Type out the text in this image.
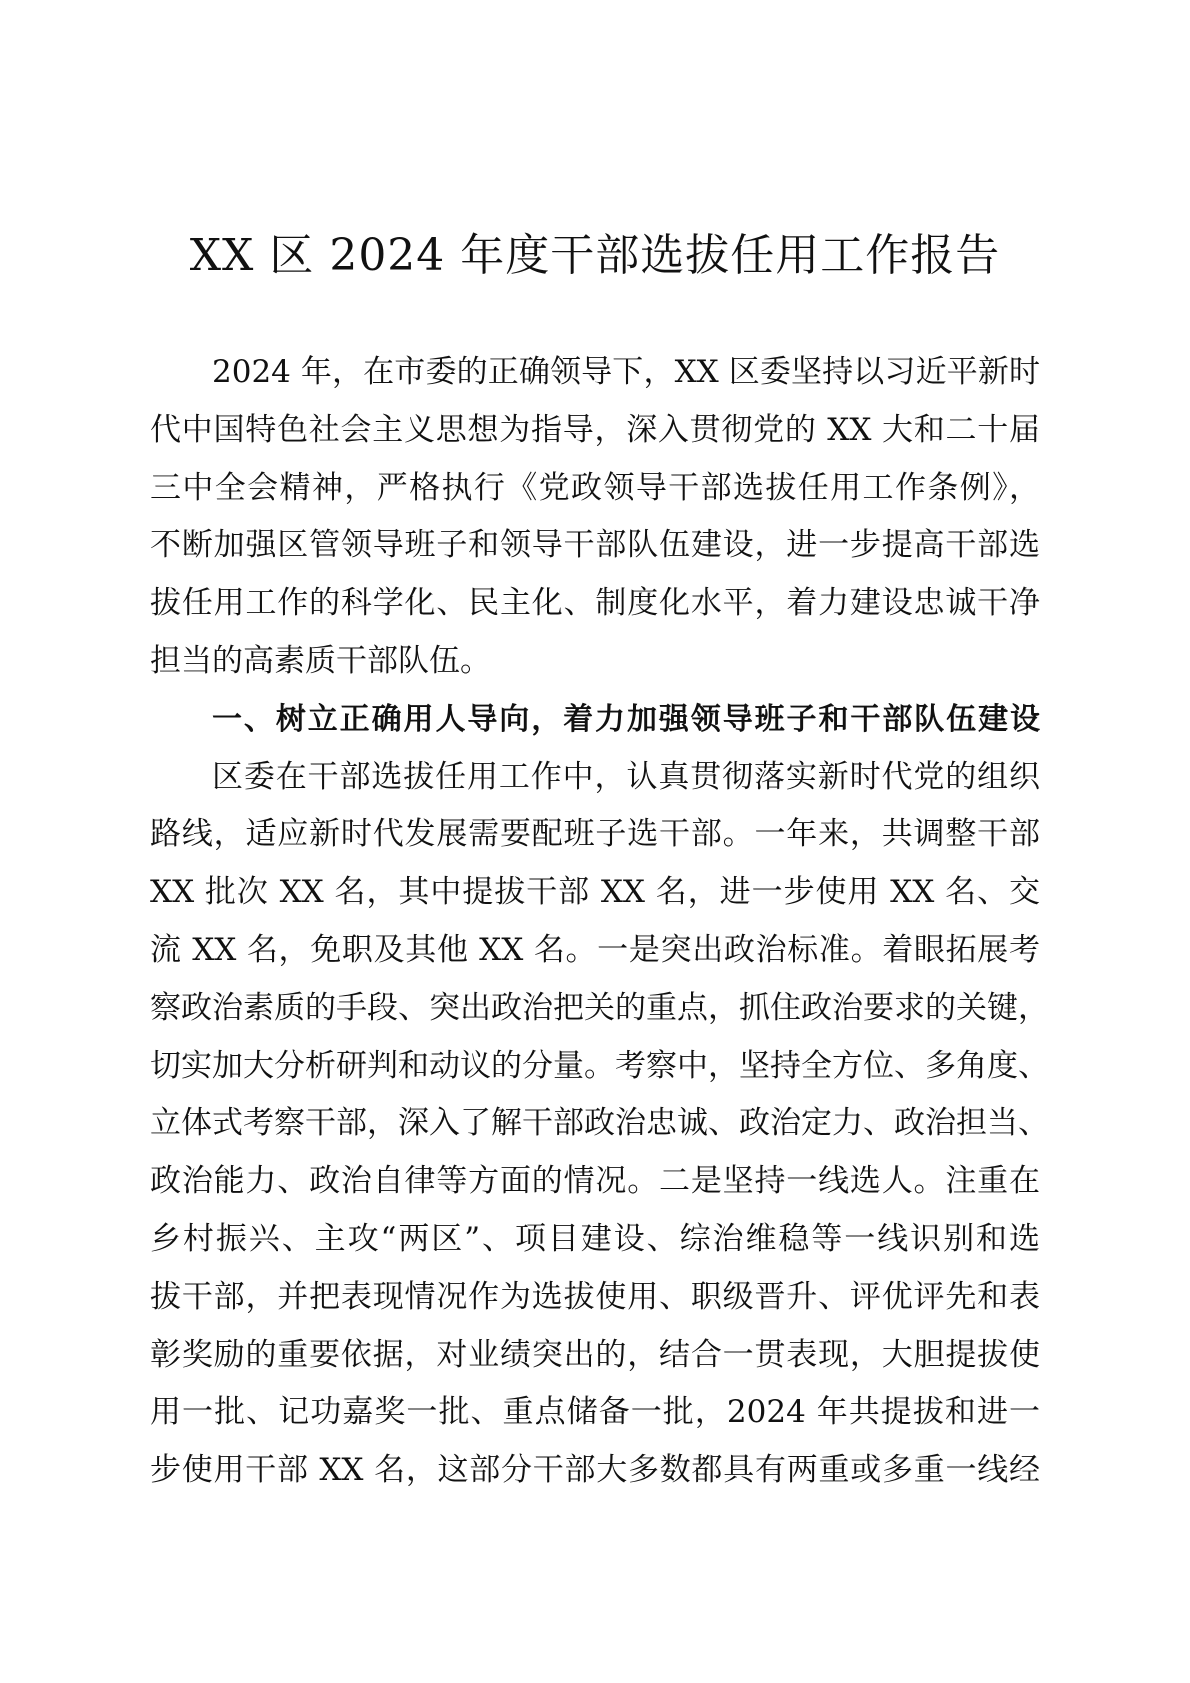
XX 区 2024 年度干部选拔任用工作报告
2024 年，在市委的正确领导下，XX 区委坚持以习近平新时
代中国特色社会主义思想为指导，深入贯彻党的 XX 大和二十届
三中全会精神，严格执行《党政领导干部选拔任用工作条例》，
不断加强区管领导班子和领导干部队伍建设，进一步提高干部选
拔任用工作的科学化、民主化、制度化水平，着力建设忠诚干净
担当的高素质干部队伍。
一、树立正确用人导向，着力加强领导班子和干部队伍建设
区委在干部选拔任用工作中，认真贯彻落实新时代党的组织
路线，适应新时代发展需要配班子选干部。一年来，共调整干部
XX 批次 XX 名，其中提拔干部 XX 名，进一步使用 XX 名、交
流 XX 名，免职及其他 XX 名。一是突出政治标准。着眼拓展考
察政治素质的手段、突出政治把关的重点，抓住政治要求的关键，
切实加大分析研判和动议的分量。考察中，坚持全方位、多角度、
立体式考察干部，深入了解干部政治忠诚、政治定力、政治担当、
政治能力、政治自律等方面的情况。二是坚持一线选人。注重在
乡村振兴、主攻“两区”、项目建设、综治维稳等一线识别和选
拔干部，并把表现情况作为选拔使用、职级晋升、评优评先和表
彰奖励的重要依据，对业绩突出的，结合一贯表现，大胆提拔使
用一批、记功嘉奖一批、重点储备一批，2024 年共提拔和进一
步使用干部 XX 名，这部分干部大多数都具有两重或多重一线经
